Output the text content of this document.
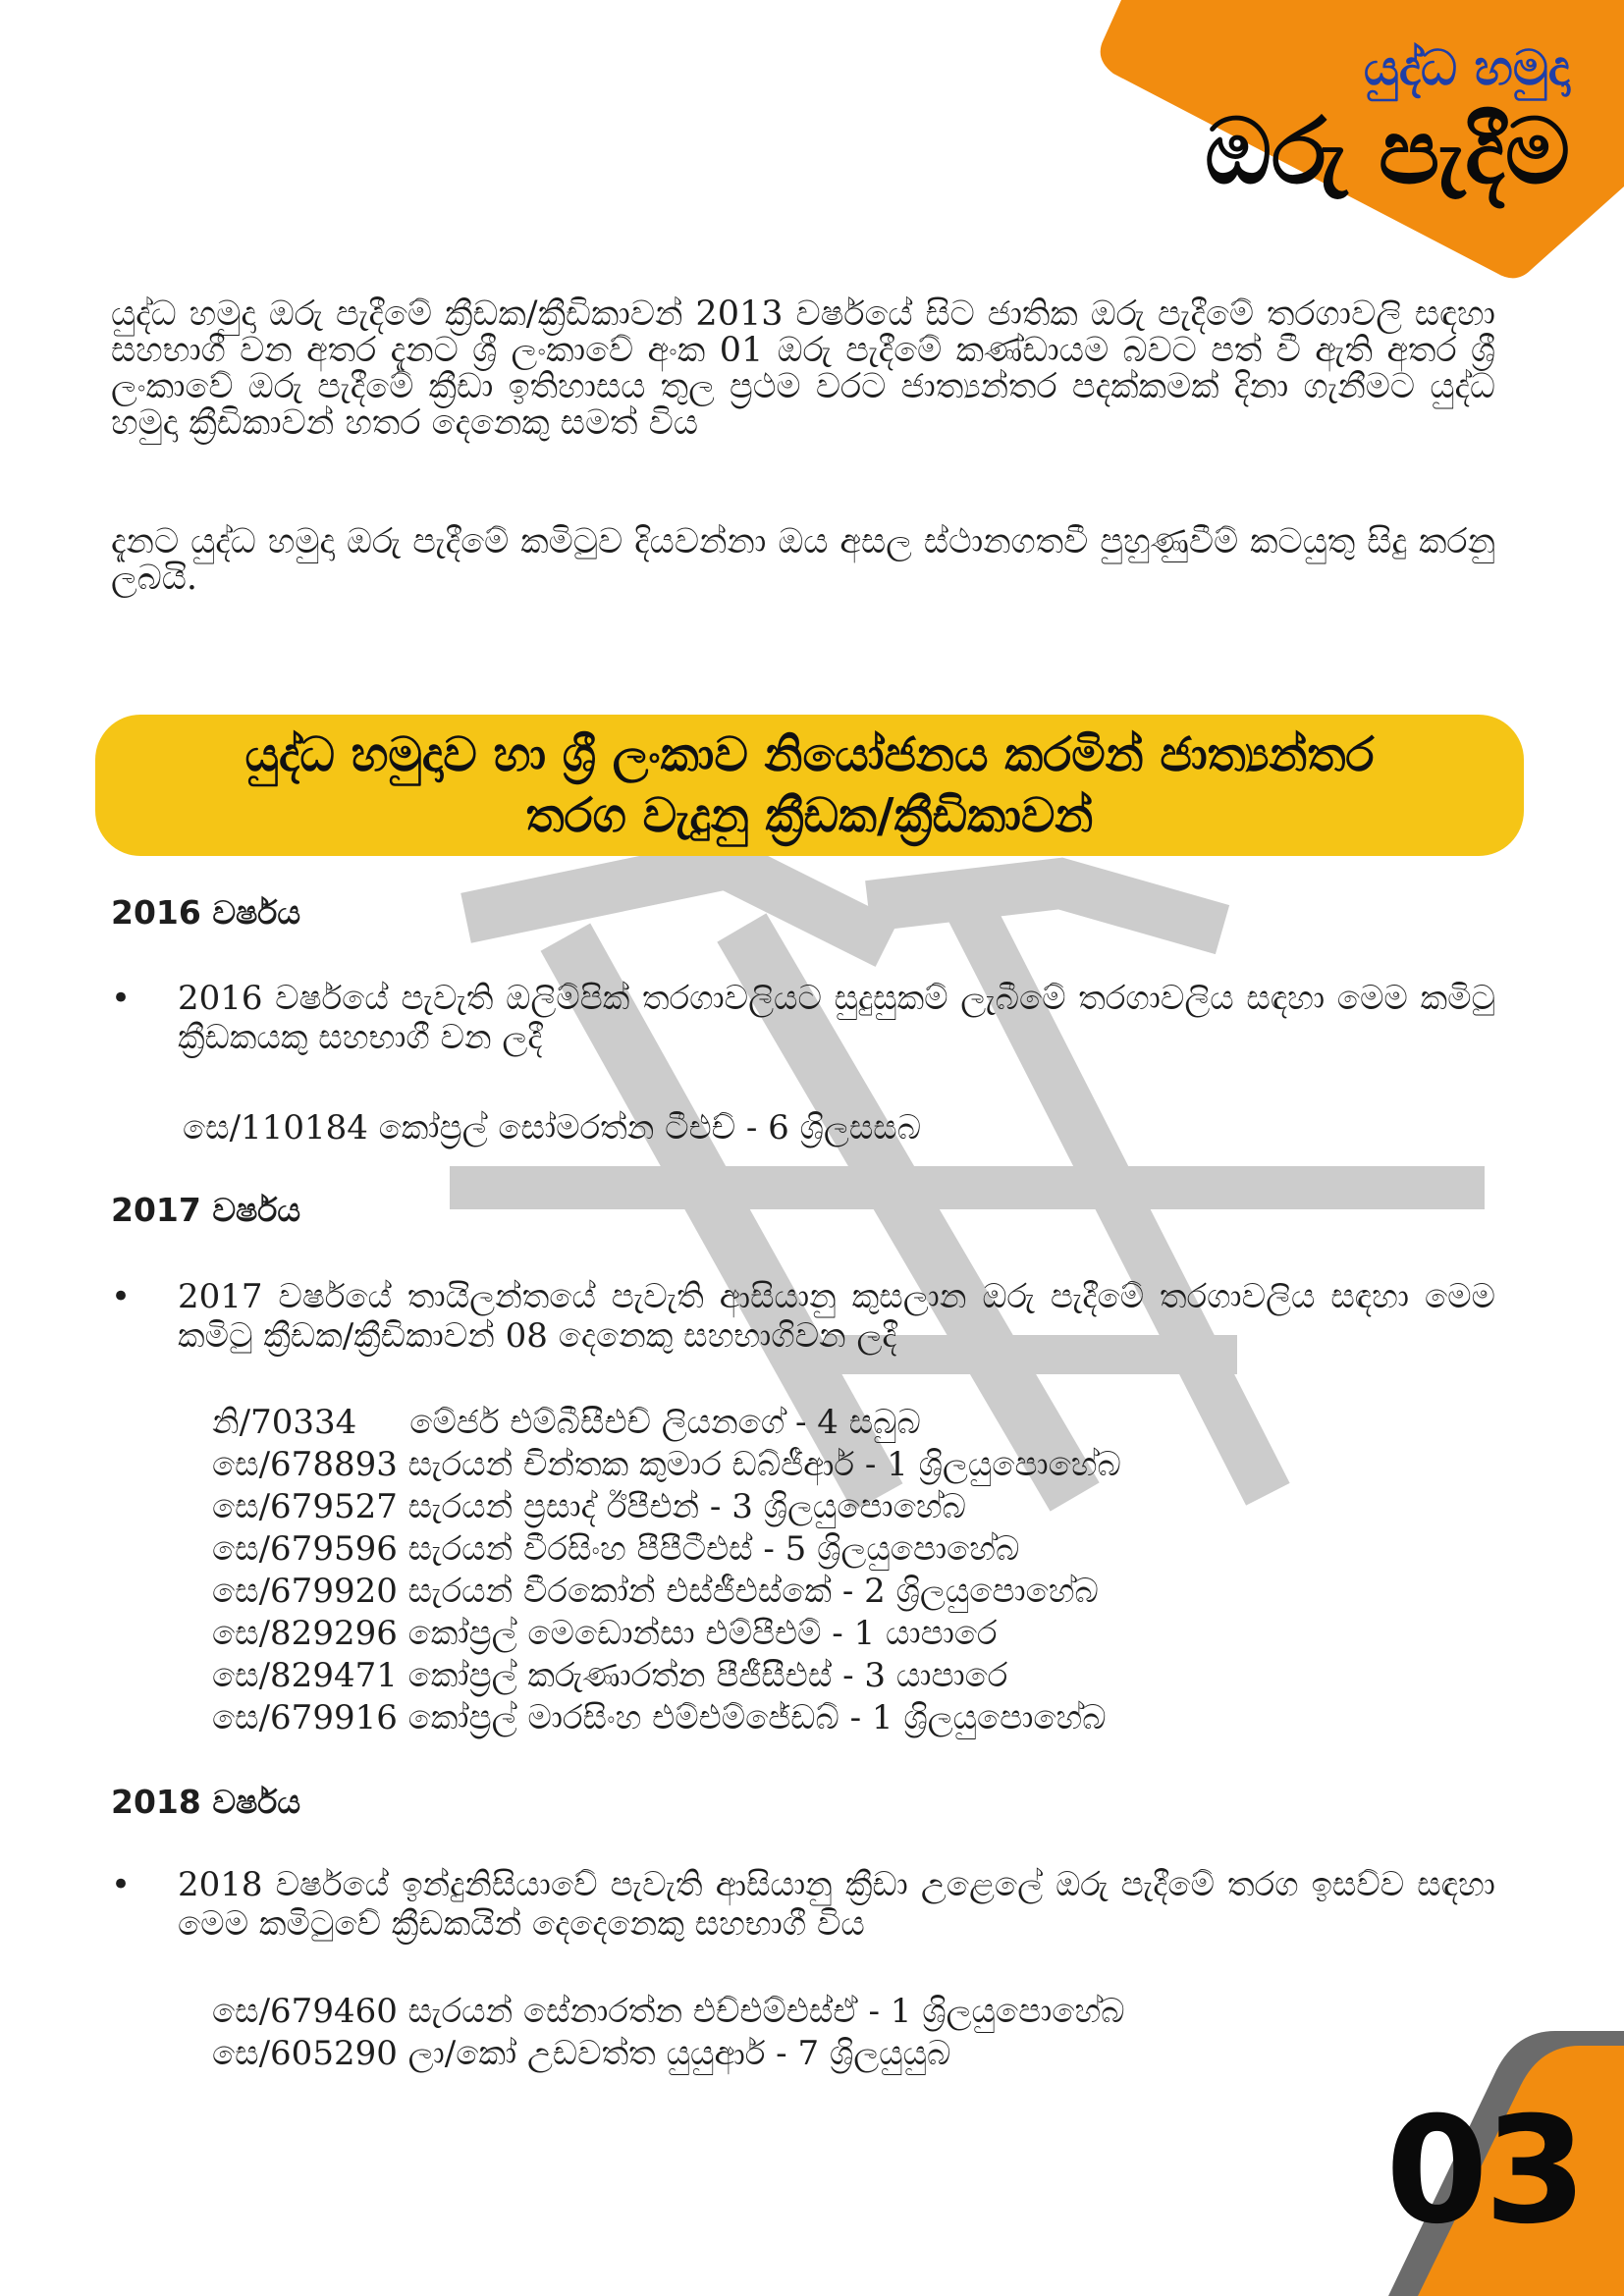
යුද්ධ හමුදා
ඔරු පැදීම

යුද්ධ හමුදා ඔරු පැදීමේ ක්‍රීඩක/ක්‍රීඩිකාවන් 2013 වර්ෂයේ සිට ජාතික ඔරු පැදීමේ තරගාවලි සඳහා සහභාගී වන අතර දැනට ශ්‍රී ලංකාවේ අංක 01 ඔරු පැදීමේ කණ්ඩායම බවට පත් වී ඇති අතර ශ්‍රී ලංකාවේ ඔරු පැදීමේ ක්‍රීඩා ඉතිහාසය තුල ප්‍රථම වරට ජාත්‍යන්තර පදක්කමක් දිනා ගැනීමට යුද්ධ හමුදා ක්‍රීඩිකාවන් හතර දෙනෙකු සමත් විය

දැනට යුද්ධ හමුදා ඔරු පැදීමේ කමිටුව දියවන්නා ඔය අසල ස්ථානගතවී පුහුණුවීම් කටයුතු සිදු කරනු ලබයි.

යුද්ධ හමුදාව හා ශ්‍රී ලංකාව නියෝජනය කරමින් ජාත්‍යන්තර
තරග වැදුනු ක්‍රීඩක/ක්‍රීඩිකාවන්
2016 වර්ෂය
•	2016 වර්ෂයේ පැවැති ඔලිම්පික් තරගාවලියට සුදුසුකම් ලැබීමේ තරගාවලිය සඳහා මෙම කමිටු ක්‍රීඩකයකු සහභාගී වන ලදී
සෙ/110184 කෝප්‍රල් සෝමරත්න ටීඑච් - 6 ශ්‍රිලසසබ
2017 වර්ෂය
•	2017 වර්ෂයේ තායිලන්තයේ පැවැති ආසියානු කුසලාන ඔරු පැදීමේ තරගාවලිය සඳහා මෙම කමිටු ක්‍රීඩක/ක්‍රීඩිකාවන් 08 දෙනෙකු සහභාගිවන ලදී
නි/70334     මේජර් එම්බීසීඑච් ලියනගේ - 4 සබුබ
සෙ/678893 සැරයන් චින්තක කුමාර ඩබ්ජීආර් - 1 ශ්‍රිලයුපොහේබ
සෙ/679527 සැරයන් ප්‍රසාද් ඊපීඑන් - 3 ශ්‍රිලයුපොහේබ
සෙ/679596 සැරයන් වීරසිංහ පීපීටීඑස් - 5 ශ්‍රිලයුපොහේබ
සෙ/679920 සැරයන් වීරකෝන් එස්ජීඑස්කේ - 2 ශ්‍රිලයුපොහේබ
සෙ/829296 කෝප්‍රල් මෙඩොන්සා එම්පීඑම් - 1 යාපාරෙ
සෙ/829471 කෝප්‍රල් කරුණාරත්න පීජීසීඑස් - 3 යාපාරෙ
සෙ/679916 කෝප්‍රල් මාරසිංහ එම්එම්ජේඩබ් - 1 ශ්‍රිලයුපොහේබ
2018 වර්ෂය
•	2018 වර්ෂයේ ඉන්දුනිසියාවේ පැවැති ආසියානු ක්‍රීඩා උළෙලේ ඔරු පැදීමේ තරග ඉසව්ව සඳහා මෙම කමිටුවේ ක්‍රීඩකයින් දෙදෙනෙකු සහභාගී විය
සෙ/679460 සැරයන් සේනාරත්න එච්එම්එස්ඒ - 1 ශ්‍රිලයුපොහේබ
සෙ/605290 ලා/කෝ උඩවත්ත යුයුආර් - 7 ශ්‍රිලයුයුබ
03
